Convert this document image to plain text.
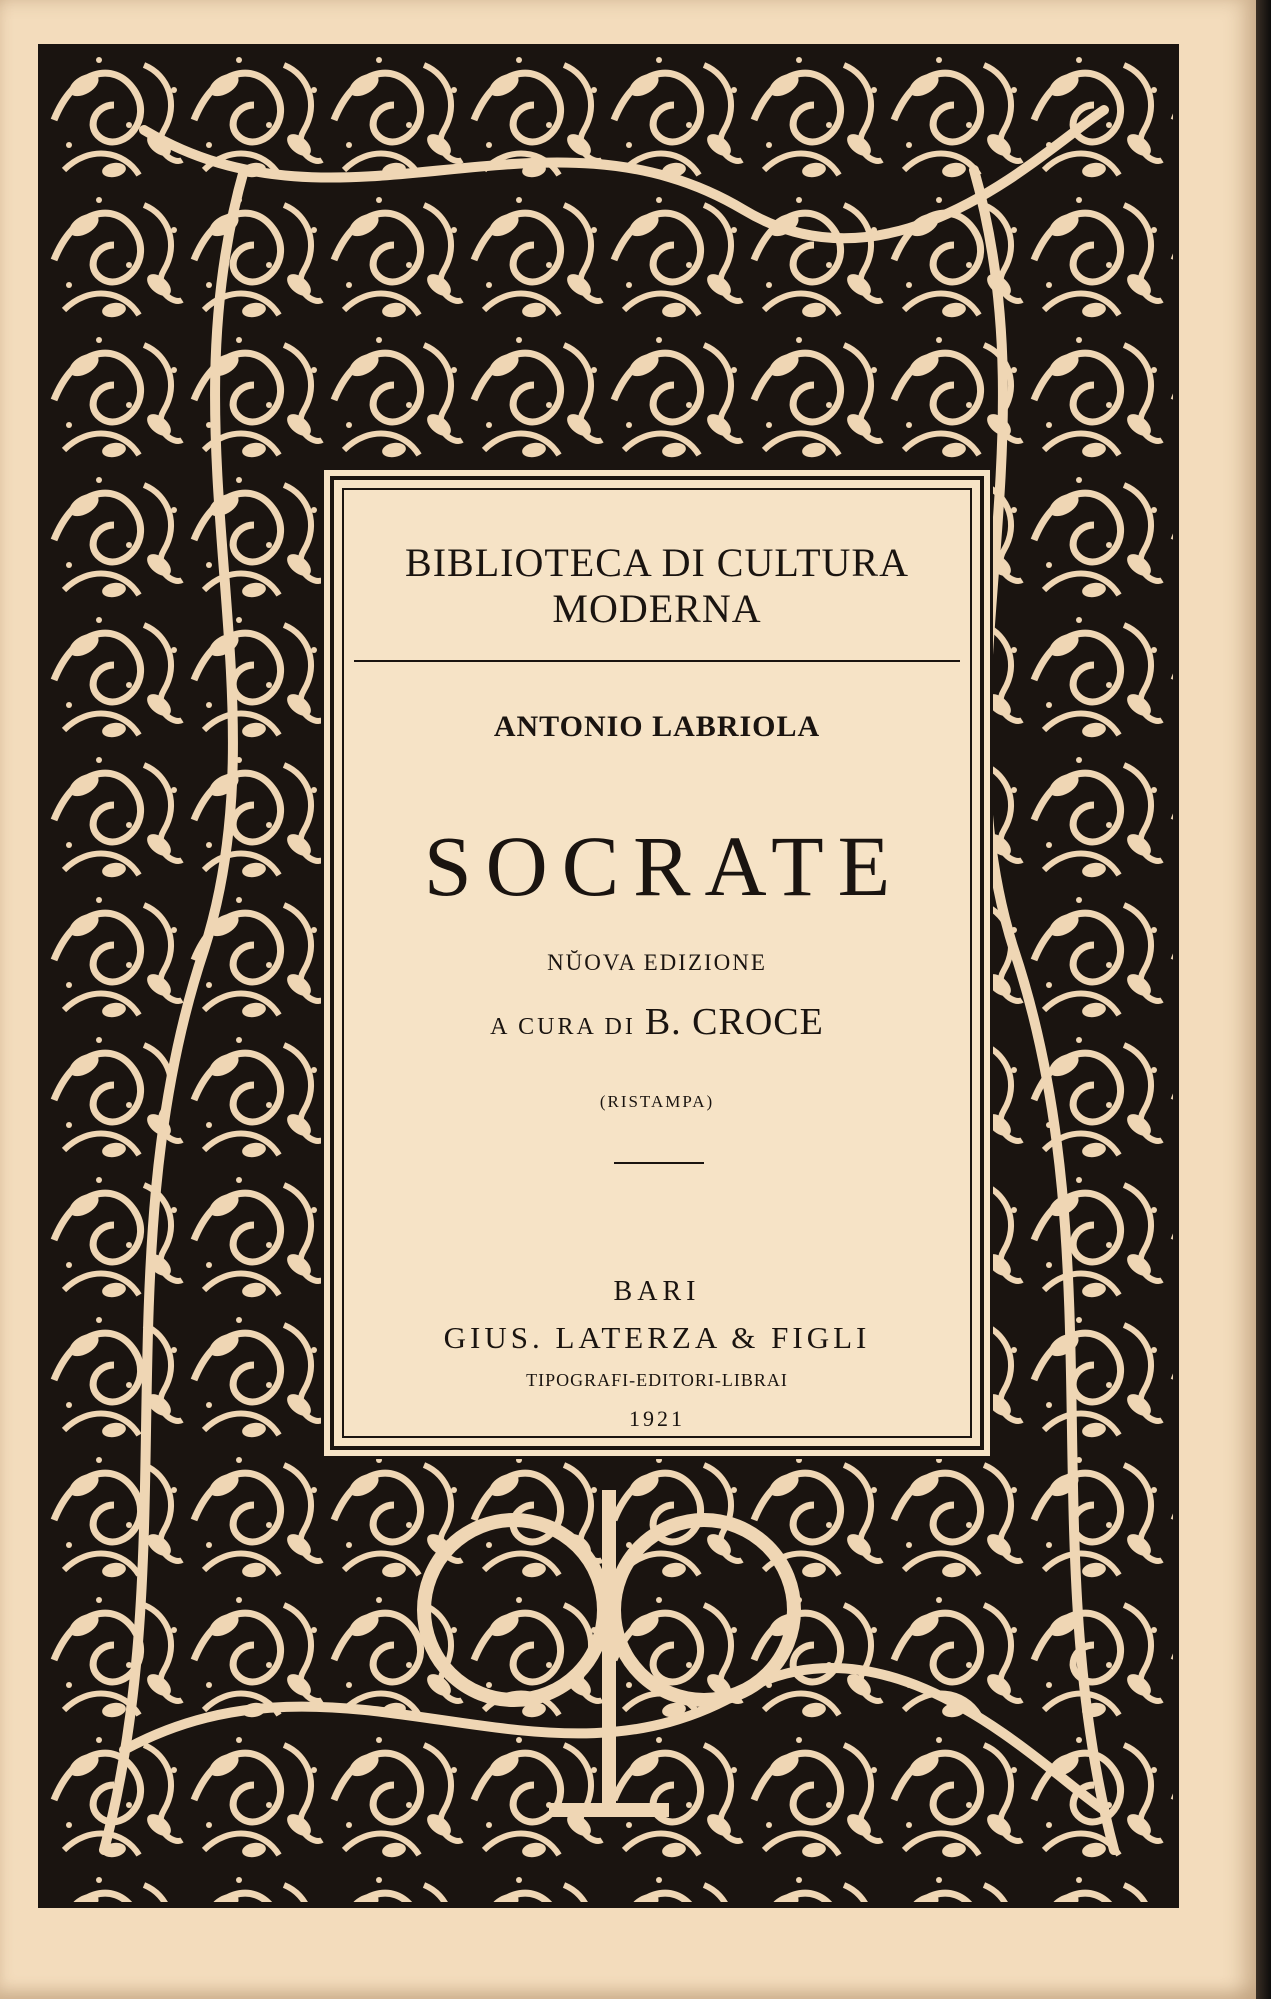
BIBLIOTECA DI CULTURA
MODERNA
ANTONIO LABRIOLA
SOCRATE
NŬOVA EDIZIONE
A CURA DI B. CROCE
(RISTAMPA)
BARI
GIUS. LATERZA & FIGLI
TIPOGRAFI-EDITORI-LIBRAI
1921
